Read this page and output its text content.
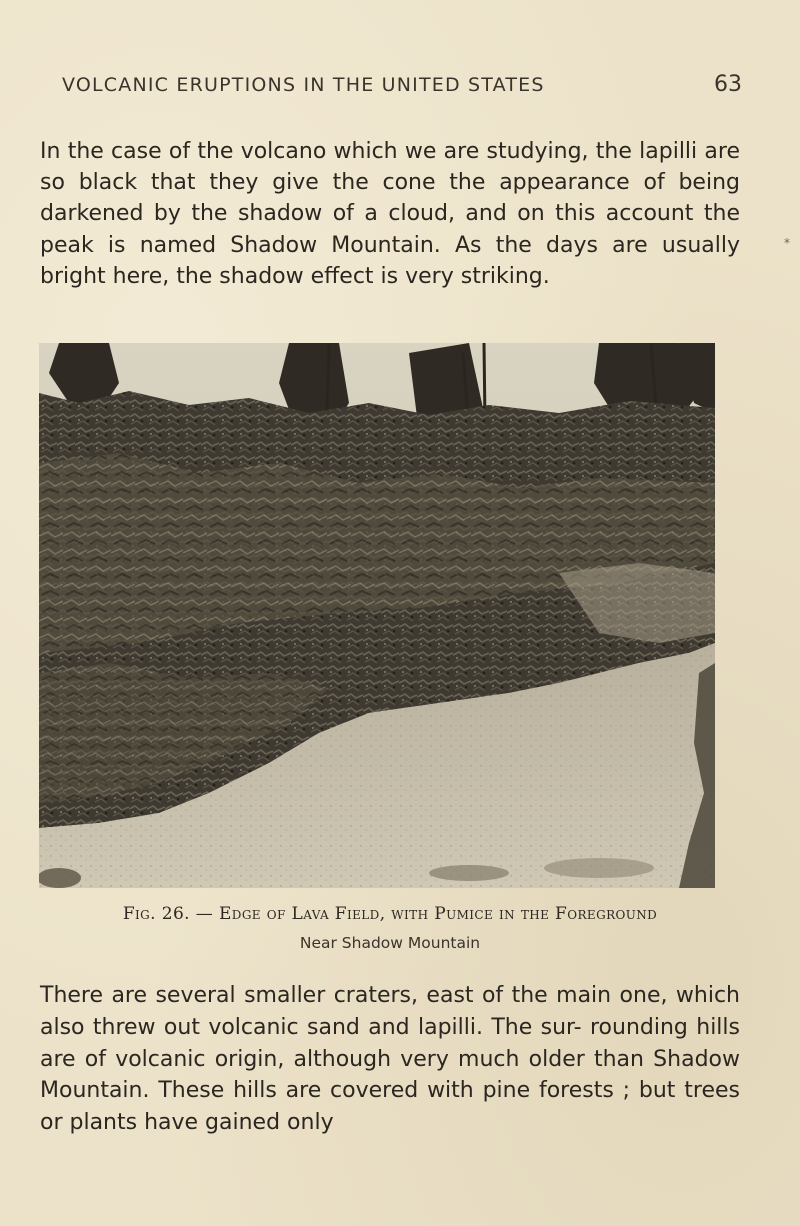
VOLCANIC ERUPTIONS IN THE UNITED STATES	63

In the case of the volcano which we are studying, the lapilli are so black that they give the cone the appearance of being darkened by the shadow of a cloud, and on this account the peak is named Shadow Mountain. As the days are usually bright here, the shadow effect is very striking.

*
Fig. 26. — Edge of Lava Field, with Pumice in the Foreground
Near Shadow Mountain

There are several smaller craters, east of the main one, which also threw out volcanic sand and lapilli. The sur- rounding hills are of volcanic origin, although very much older than Shadow Mountain. These hills are covered with pine forests ; but trees or plants have gained only
